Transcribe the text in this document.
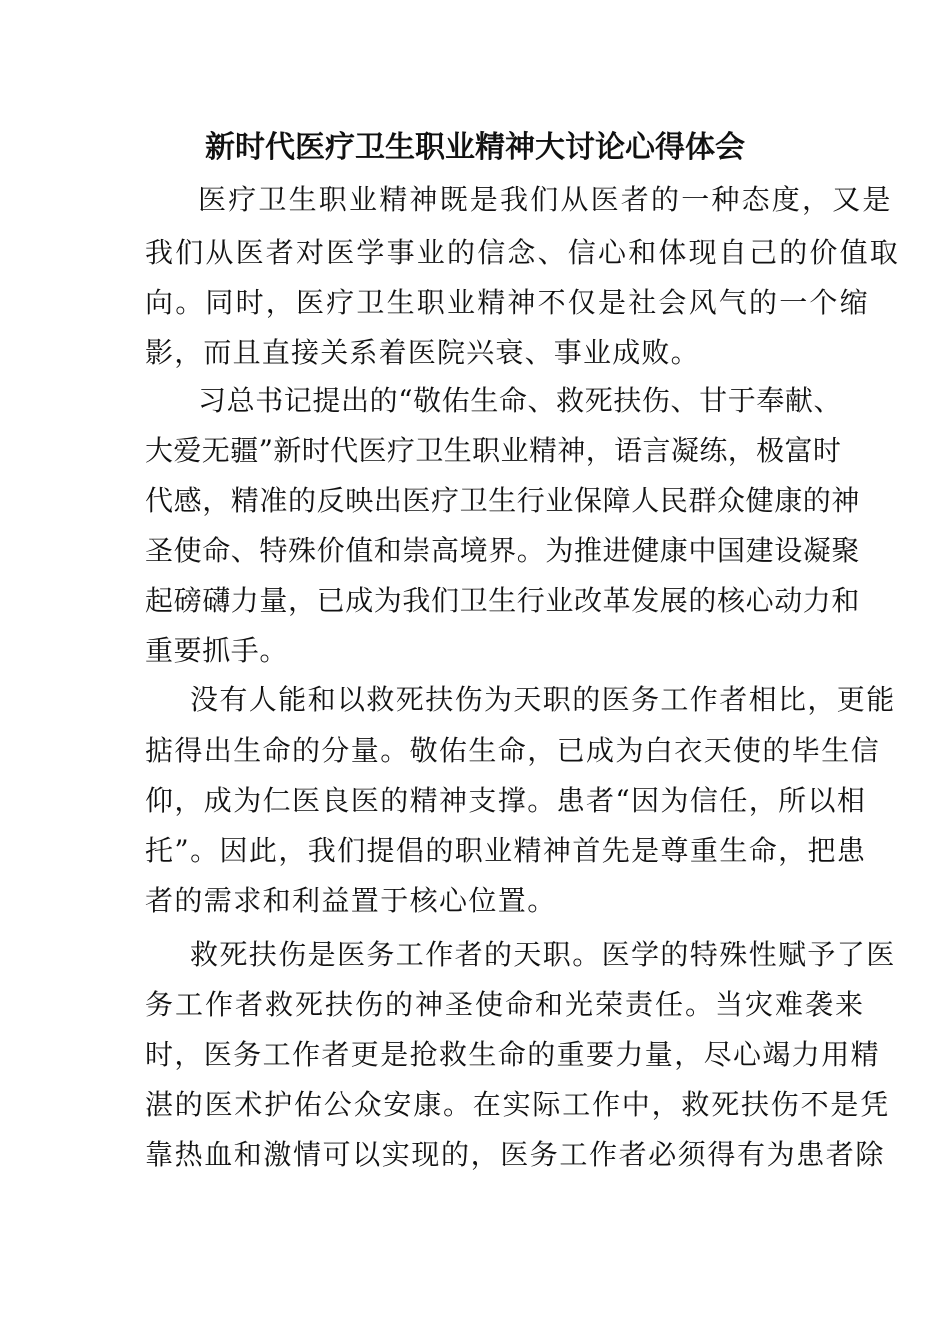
新时代医疗卫生职业精神大讨论心得体会
医疗卫生职业精神既是我们从医者的一种态度，又是
我们从医者对医学事业的信念、信心和体现自己的价值取
向。同时，医疗卫生职业精神不仅是社会风气的一个缩
影，而且直接关系着医院兴衰、事业成败。
习总书记提出的“敬佑生命、救死扶伤、甘于奉献、
大爱无疆”新时代医疗卫生职业精神，语言凝练，极富时
代感，精准的反映出医疗卫生行业保障人民群众健康的神
圣使命、特殊价值和崇高境界。为推进健康中国建设凝聚
起磅礴力量，已成为我们卫生行业改革发展的核心动力和
重要抓手。
没有人能和以救死扶伤为天职的医务工作者相比，更能
掂得出生命的分量。敬佑生命，已成为白衣天使的毕生信
仰，成为仁医良医的精神支撑。患者“因为信任，所以相
托”。因此，我们提倡的职业精神首先是尊重生命，把患
者的需求和利益置于核心位置。
救死扶伤是医务工作者的天职。医学的特殊性赋予了医
务工作者救死扶伤的神圣使命和光荣责任。当灾难袭来
时，医务工作者更是抢救生命的重要力量，尽心竭力用精
湛的医术护佑公众安康。在实际工作中，救死扶伤不是凭
靠热血和激情可以实现的，医务工作者必须得有为患者除
